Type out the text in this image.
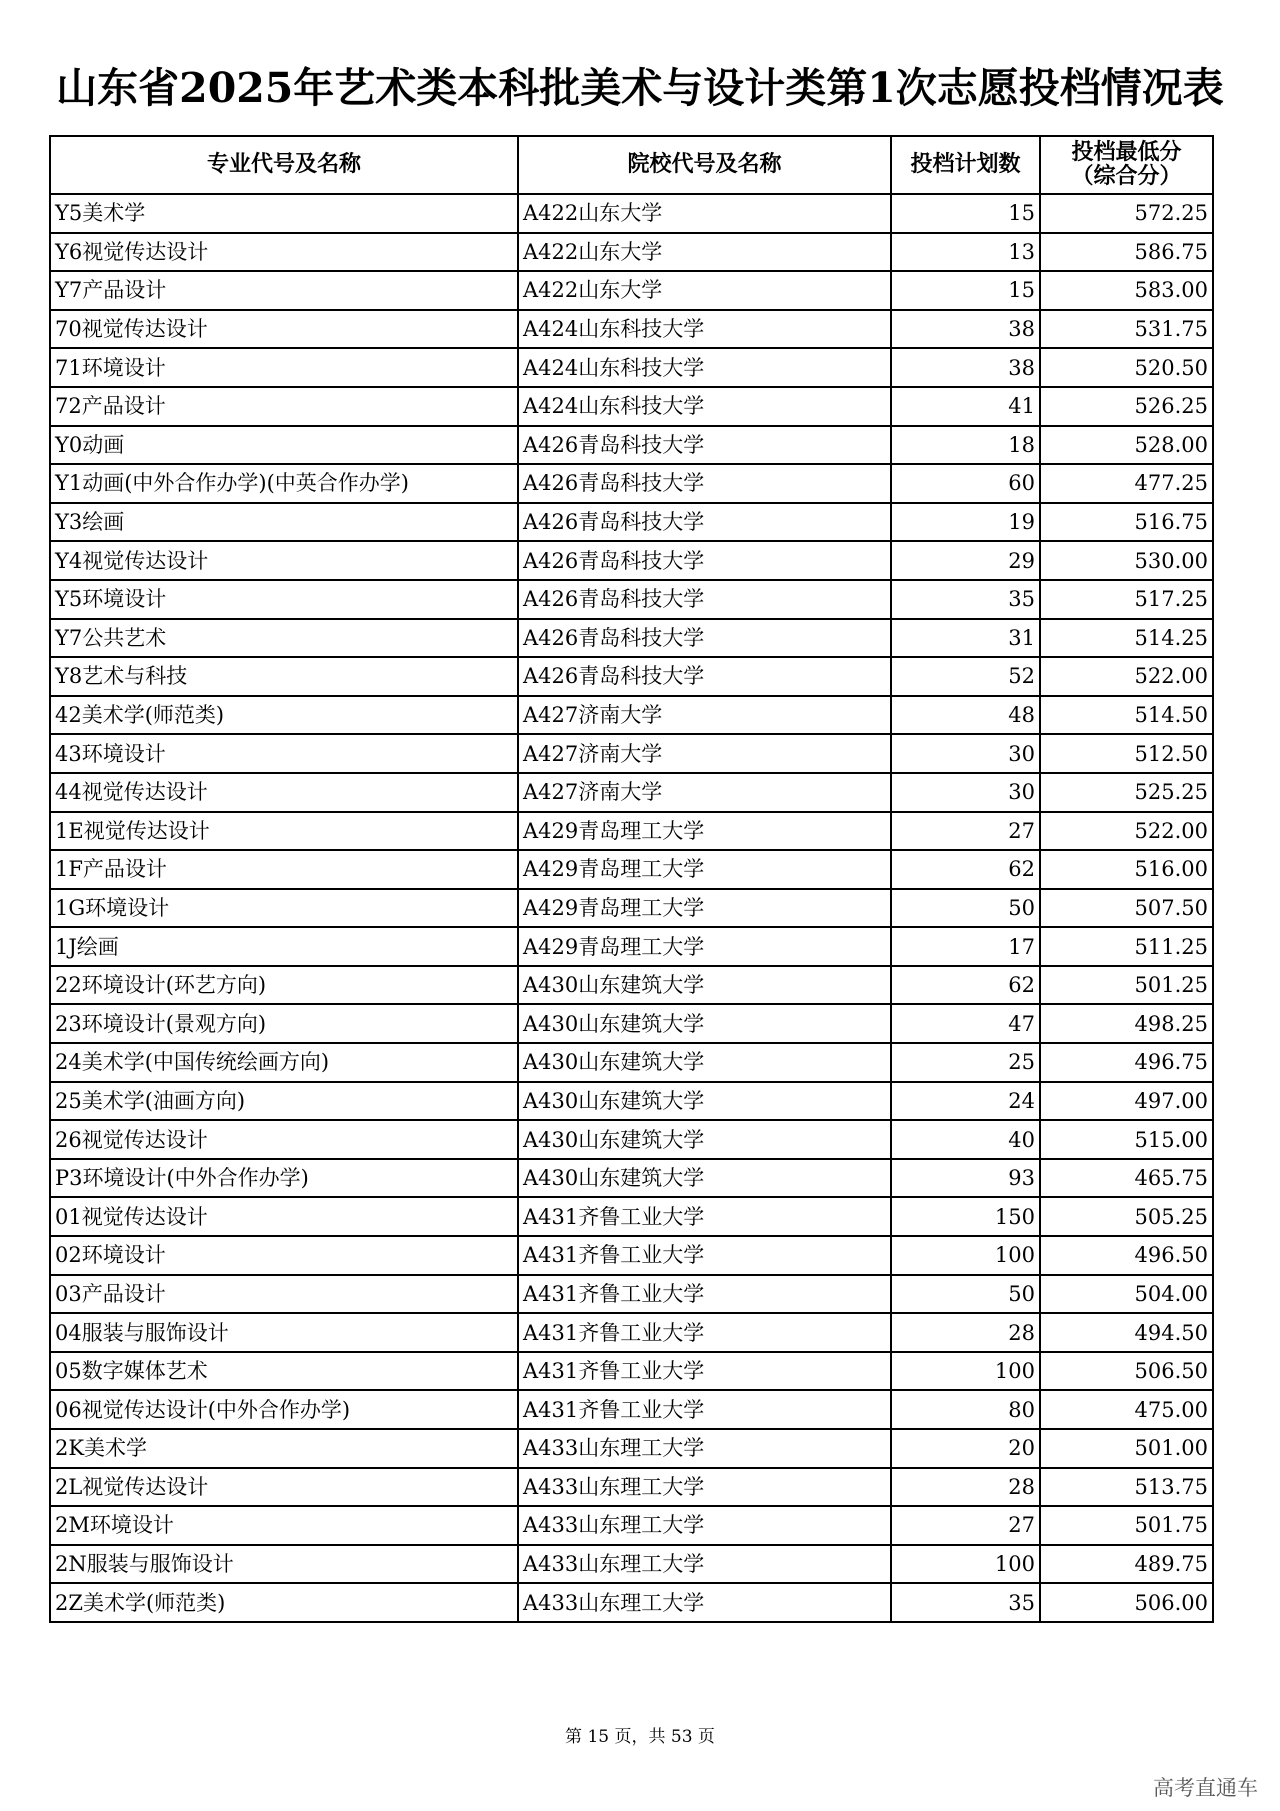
山东省2025年艺术类本科批美术与设计类第1次志愿投档情况表
专业代号及名称	院校代号及名称	投档计划数	投档最低分
（综合分）

Y5美术学	A422山东大学	15	572.25
Y6视觉传达设计	A422山东大学	13	586.75
Y7产品设计	A422山东大学	15	583.00
70视觉传达设计	A424山东科技大学	38	531.75
71环境设计	A424山东科技大学	38	520.50
72产品设计	A424山东科技大学	41	526.25
Y0动画	A426青岛科技大学	18	528.00
Y1动画(中外合作办学)(中英合作办学)	A426青岛科技大学	60	477.25
Y3绘画	A426青岛科技大学	19	516.75
Y4视觉传达设计	A426青岛科技大学	29	530.00
Y5环境设计	A426青岛科技大学	35	517.25
Y7公共艺术	A426青岛科技大学	31	514.25
Y8艺术与科技	A426青岛科技大学	52	522.00
42美术学(师范类)	A427济南大学	48	514.50
43环境设计	A427济南大学	30	512.50
44视觉传达设计	A427济南大学	30	525.25
1E视觉传达设计	A429青岛理工大学	27	522.00
1F产品设计	A429青岛理工大学	62	516.00
1G环境设计	A429青岛理工大学	50	507.50
1J绘画	A429青岛理工大学	17	511.25
22环境设计(环艺方向)	A430山东建筑大学	62	501.25
23环境设计(景观方向)	A430山东建筑大学	47	498.25
24美术学(中国传统绘画方向)	A430山东建筑大学	25	496.75
25美术学(油画方向)	A430山东建筑大学	24	497.00
26视觉传达设计	A430山东建筑大学	40	515.00
P3环境设计(中外合作办学)	A430山东建筑大学	93	465.75
01视觉传达设计	A431齐鲁工业大学	150	505.25
02环境设计	A431齐鲁工业大学	100	496.50
03产品设计	A431齐鲁工业大学	50	504.00
04服装与服饰设计	A431齐鲁工业大学	28	494.50
05数字媒体艺术	A431齐鲁工业大学	100	506.50
06视觉传达设计(中外合作办学)	A431齐鲁工业大学	80	475.00
2K美术学	A433山东理工大学	20	501.00
2L视觉传达设计	A433山东理工大学	28	513.75
2M环境设计	A433山东理工大学	27	501.75
2N服装与服饰设计	A433山东理工大学	100	489.75
2Z美术学(师范类)	A433山东理工大学	35	506.00
第 15 页，共 53 页
高考直通车
